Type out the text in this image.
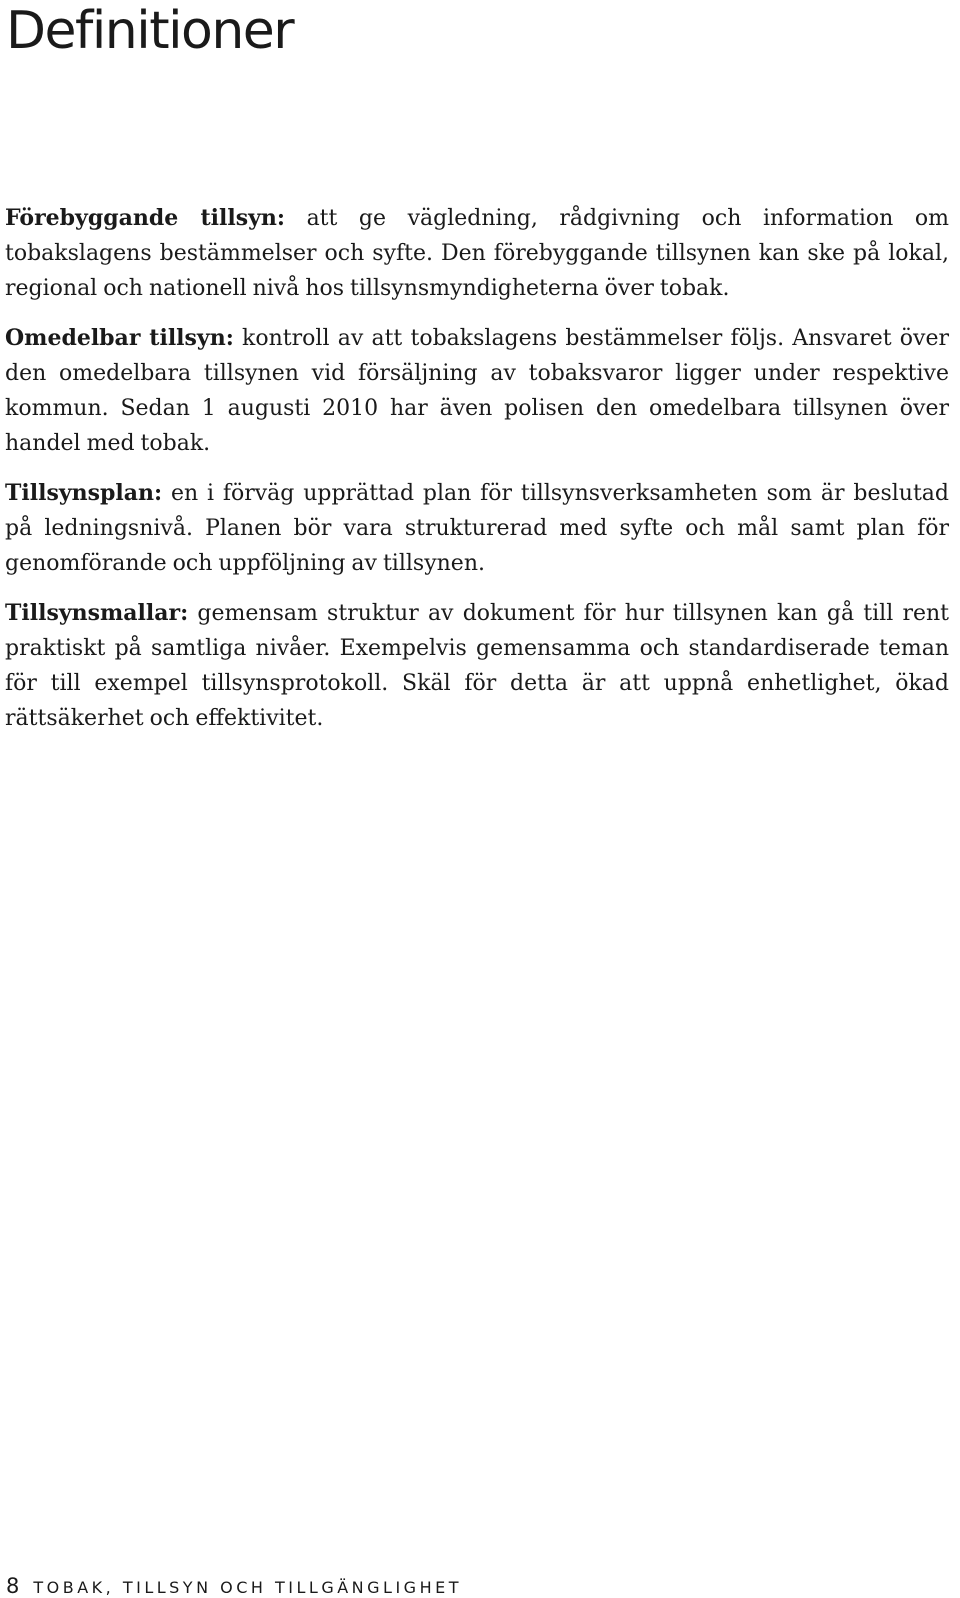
Definitioner

Förebyggande tillsyn: att ge vägledning, rådgivning och information om tobakslagens bestämmelser och syfte. Den förebyggande tillsynen kan ske på lokal, regional och nationell nivå hos tillsynsmyndigheterna över tobak.

Omedelbar tillsyn: kontroll av att tobakslagens bestämmelser följs. Ansvaret över den omedelbara tillsynen vid försäljning av tobaksvaror ligger under respektive kommun. Sedan 1 augusti 2010 har även polisen den omedelbara tillsynen över handel med tobak.

Tillsynsplan: en i förväg upprättad plan för tillsynsverksamheten som är beslutad på ledningsnivå. Planen bör vara strukturerad med syfte och mål samt plan för genomförande och uppföljning av tillsynen.

Tillsynsmallar: gemensam struktur av dokument för hur tillsynen kan gå till rent praktiskt på samtliga nivåer. Exempelvis gemensamma och standardiserade teman för till exempel tillsynsprotokoll. Skäl för detta är att uppnå enhetlighet, ökad rättsäkerhet och effektivitet.

8 TOBAK, TILLSYN OCH TILLGÄNGLIGHET
